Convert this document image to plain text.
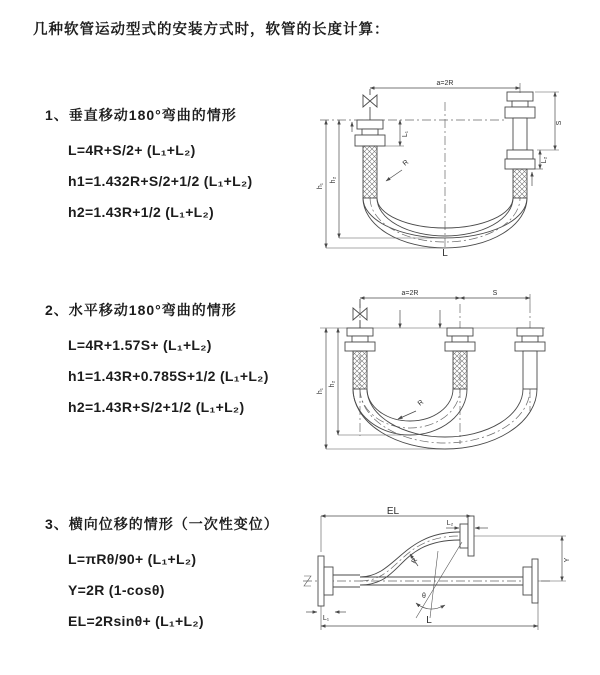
几种软管运动型式的安装方式时，软管的长度计算：
1、垂直移动180°弯曲的情形
L=4R+S/2+ (L₁+L₂)
h1=1.432R+S/2+1/2 (L₁+L₂)
h2=1.43R+1/2 (L₁+L₂)
a=2R
S
L₂
L₁
h₁
h₂
R
L
2、水平移动180°弯曲的情形
L=4R+1.57S+ (L₁+L₂)
h1=1.43R+0.785S+1/2 (L₁+L₂)
h2=1.43R+S/2+1/2 (L₁+L₂)
a=2R	S
h₁
h₂
R
3、横向位移的情形（一次性变位）
L=πRθ/90+ (L₁+L₂)
Y=2R (1-cosθ)
EL=2Rsinθ+ (L₁+L₂)
EL
L₂
Y
L
L₁
θ
R
